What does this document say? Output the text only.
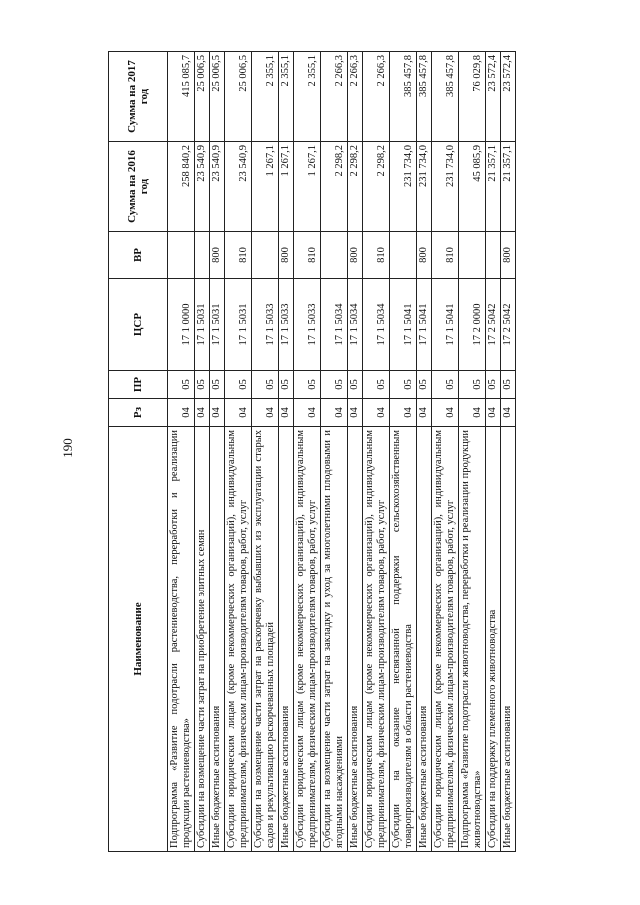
190
Наименование	Рз	ПР	ЦСР	ВР	Сумма на 2016 год	Сумма на 2017 год
Подпрограмма «Развитие подотрасли растениеводства, переработки и реализации продукции растениеводства»	04	05	17 1 0000		258 840,2	415 085,7
Субсидии на возмещение части затрат на приобретение элитных семян	04	05	17 1 5031		23 540,9	25 006,5
Иные бюджетные ассигнования	04	05	17 1 5031	800	23 540,9	25 006,5
Субсидии юридическим лицам (кроме некоммерческих организаций), индивидуальным предпринимателям, физическим лицам-производителям товаров, работ, услуг	04	05	17 1 5031	810	23 540,9	25 006,5
Субсидии на возмещение части затрат на раскорчевку выбывших из эксплуатации старых садов и рекультивацию раскорчеванных площадей	04	05	17 1 5033		1 267,1	2 355,1
Иные бюджетные ассигнования	04	05	17 1 5033	800	1 267,1	2 355,1
Субсидии юридическим лицам (кроме некоммерческих организаций), индивидуальным предпринимателям, физическим лицам-производителям товаров, работ, услуг	04	05	17 1 5033	810	1 267,1	2 355,1
Субсидии на возмещение части затрат на закладку и уход за многолетними плодовыми и ягодными насаждениями	04	05	17 1 5034		2 298,2	2 266,3
Иные бюджетные ассигнования	04	05	17 1 5034	800	2 298,2	2 266,3
Субсидии юридическим лицам (кроме некоммерческих организаций), индивидуальным предпринимателям, физическим лицам-производителям товаров, работ, услуг	04	05	17 1 5034	810	2 298,2	2 266,3
Субсидии на оказание несвязанной поддержки сельскохозяйственным товаропроизводителям в области растениеводства	04	05	17 1 5041		231 734,0	385 457,8
Иные бюджетные ассигнования	04	05	17 1 5041	800	231 734,0	385 457,8
Субсидии юридическим лицам (кроме некоммерческих организаций), индивидуальным предпринимателям, физическим лицам-производителям товаров, работ, услуг	04	05	17 1 5041	810	231 734,0	385 457,8
Подпрограмма «Развитие подотрасли животноводства, переработки и реализации продукции животноводства»	04	05	17 2 0000		45 085,9	76 029,8
Субсидии на поддержку племенного животноводства	04	05	17 2 5042		21 357,1	23 572,4
Иные бюджетные ассигнования	04	05	17 2 5042	800	21 357,1	23 572,4
